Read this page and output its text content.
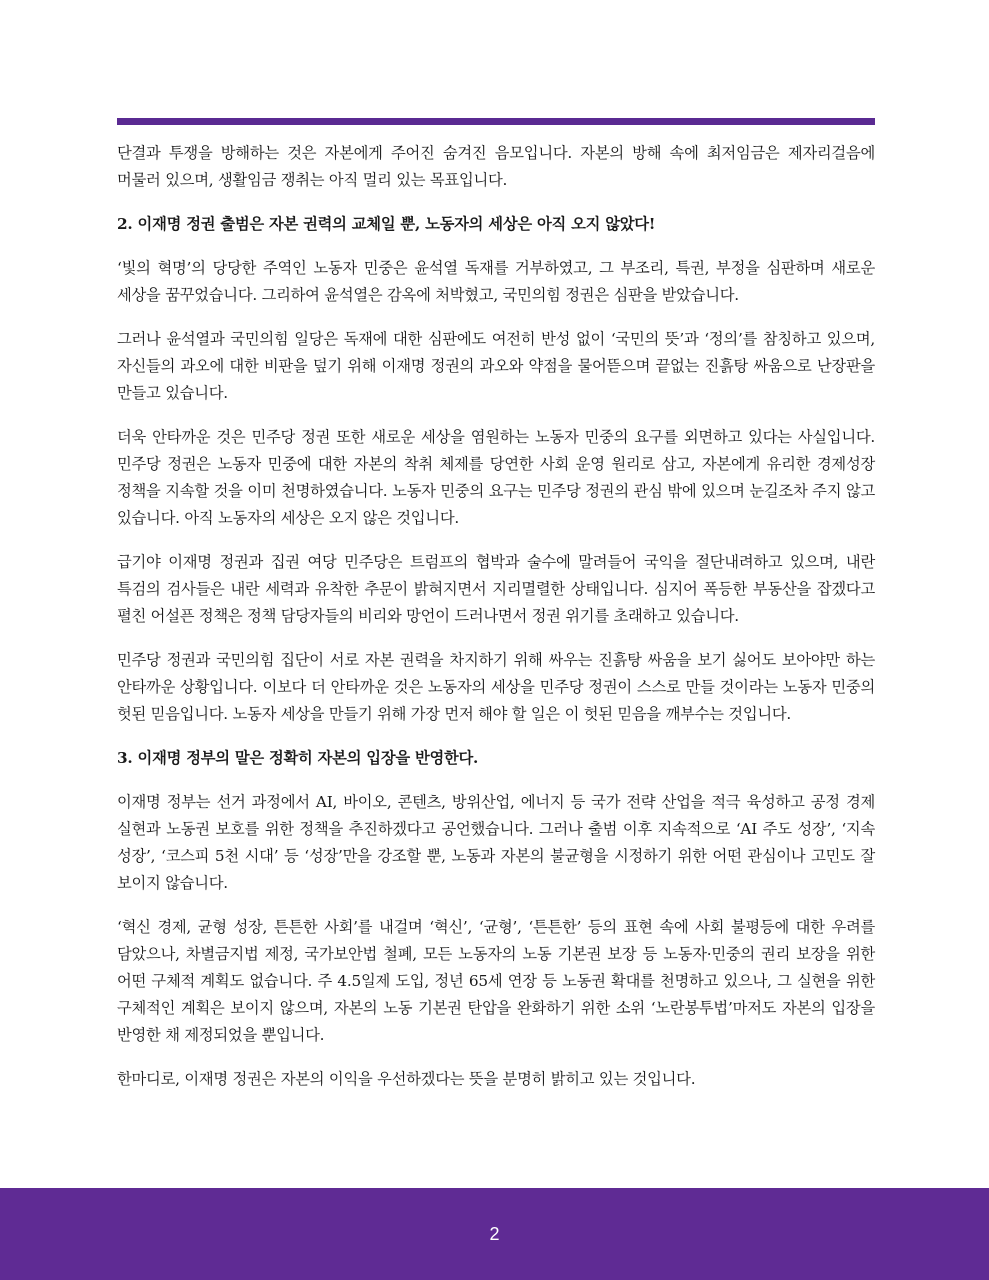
단결과 투쟁을 방해하는 것은 자본에게 주어진 숨겨진 음모입니다. 자본의 방해 속에 최저임금은 제자리걸음에 머물러 있으며, 생활임금 쟁취는 아직 멀리 있는 목표입니다.

2. 이재명 정권 출범은 자본 권력의 교체일 뿐, 노동자의 세상은 아직 오지 않았다!

‘빛의 혁명’의 당당한 주역인 노동자 민중은 윤석열 독재를 거부하였고, 그 부조리, 특권, 부정을 심판하며 새로운 세상을 꿈꾸었습니다. 그리하여 윤석열은 감옥에 처박혔고, 국민의힘 정권은 심판을 받았습니다.

그러나 윤석열과 국민의힘 일당은 독재에 대한 심판에도 여전히 반성 없이 ‘국민의 뜻’과 ‘정의’를 참칭하고 있으며, 자신들의 과오에 대한 비판을 덮기 위해 이재명 정권의 과오와 약점을 물어뜯으며 끝없는 진흙탕 싸움으로 난장판을 만들고 있습니다.

더욱 안타까운 것은 민주당 정권 또한 새로운 세상을 염원하는 노동자 민중의 요구를 외면하고 있다는 사실입니다. 민주당 정권은 노동자 민중에 대한 자본의 착취 체제를 당연한 사회 운영 원리로 삼고, 자본에게 유리한 경제성장 정책을 지속할 것을 이미 천명하였습니다. 노동자 민중의 요구는 민주당 정권의 관심 밖에 있으며 눈길조차 주지 않고 있습니다. 아직 노동자의 세상은 오지 않은 것입니다.

급기야 이재명 정권과 집권 여당 민주당은 트럼프의 협박과 술수에 말려들어 국익을 절단내려하고 있으며, 내란 특검의 검사들은 내란 세력과 유착한 추문이 밝혀지면서 지리멸렬한 상태입니다. 심지어 폭등한 부동산을 잡겠다고 펼친 어설픈 정책은 정책 담당자들의 비리와 망언이 드러나면서 정권 위기를 초래하고 있습니다.

민주당 정권과 국민의힘 집단이 서로 자본 권력을 차지하기 위해 싸우는 진흙탕 싸움을 보기 싫어도 보아야만 하는 안타까운 상황입니다. 이보다 더 안타까운 것은 노동자의 세상을 민주당 정권이 스스로 만들 것이라는 노동자 민중의 헛된 믿음입니다. 노동자 세상을 만들기 위해 가장 먼저 해야 할 일은 이 헛된 믿음을 깨부수는 것입니다.

3. 이재명 정부의 말은 정확히 자본의 입장을 반영한다.

이재명 정부는 선거 과정에서 AI, 바이오, 콘텐츠, 방위산업, 에너지 등 국가 전략 산업을 적극 육성하고 공정 경제 실현과 노동권 보호를 위한 정책을 추진하겠다고 공언했습니다. 그러나 출범 이후 지속적으로 ‘AI 주도 성장’, ‘지속 성장’, ‘코스피 5천 시대’ 등 ‘성장’만을 강조할 뿐, 노동과 자본의 불균형을 시정하기 위한 어떤 관심이나 고민도 잘 보이지 않습니다.

‘혁신 경제, 균형 성장, 튼튼한 사회’를 내걸며 ‘혁신’, ‘균형’, ‘튼튼한’ 등의 표현 속에 사회 불평등에 대한 우려를 담았으나, 차별금지법 제정, 국가보안법 철폐, 모든 노동자의 노동 기본권 보장 등 노동자·민중의 권리 보장을 위한 어떤 구체적 계획도 없습니다. 주 4.5일제 도입, 정년 65세 연장 등 노동권 확대를 천명하고 있으나, 그 실현을 위한 구체적인 계획은 보이지 않으며, 자본의 노동 기본권 탄압을 완화하기 위한 소위 ‘노란봉투법’마저도 자본의 입장을 반영한 채 제정되었을 뿐입니다.

한마디로, 이재명 정권은 자본의 이익을 우선하겠다는 뜻을 분명히 밝히고 있는 것입니다.

2
